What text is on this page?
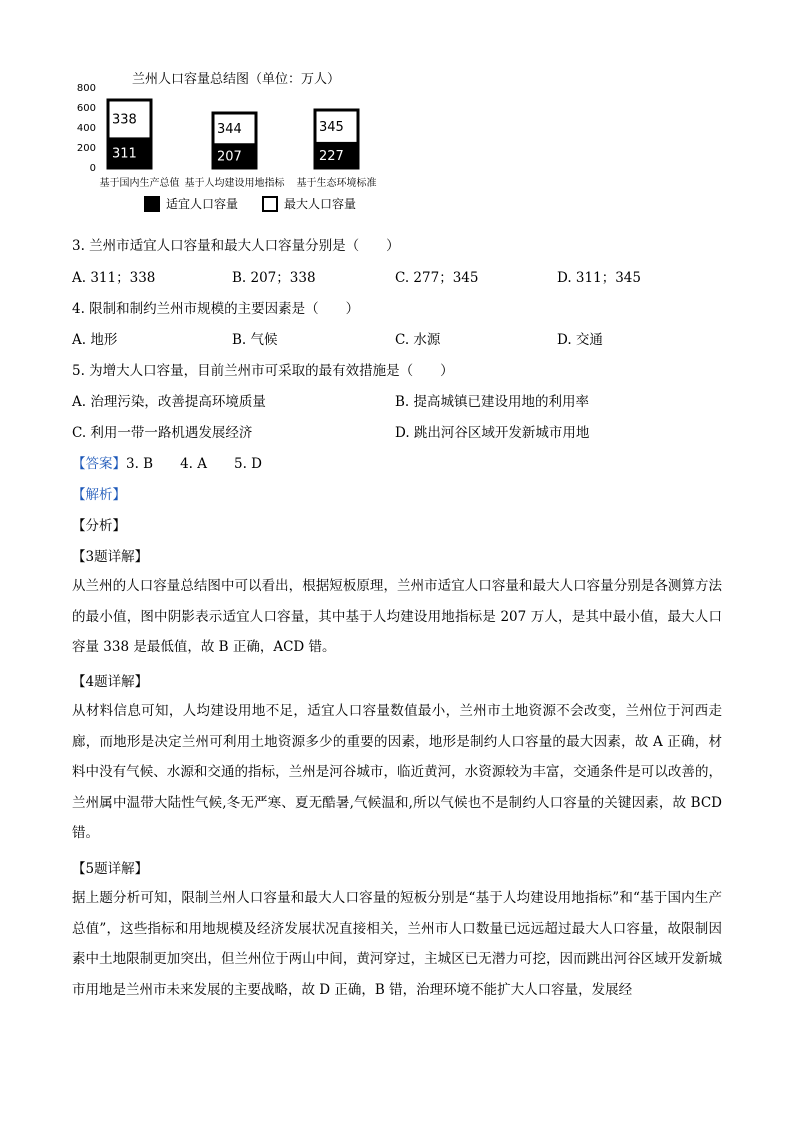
兰州人口容量总结图（单位：万人）
800
600
400
200
0
338
311
基于国内生产总值
344
207
基于人均建设用地指标
345
227
基于生态环境标准
适宜人口容量	最大人口容量
3. 兰州市适宜人口容量和最大人口容量分别是（　　）
A. 311；338	B. 207；338	C. 277；345	D. 311；345
4. 限制和制约兰州市规模的主要因素是（　　）
A. 地形	B. 气候	C. 水源	D. 交通
5. 为增大人口容量，目前兰州市可采取的最有效措施是（　　）
A. 治理污染，改善提高环境质量	B. 提高城镇已建设用地的利用率
C. 利用一带一路机遇发展经济	D. 跳出河谷区域开发新城市用地
【答案】3. B　　4. A　　5. D
【解析】
【分析】
【3题详解】
从兰州的人口容量总结图中可以看出，根据短板原理，兰州市适宜人口容量和最大人口容量分别是各测算方法的最小值，图中阴影表示适宜人口容量，其中基于人均建设用地指标是 207 万人，是其中最小值，最大人口容量 338 是最低值，故 B 正确，ACD 错。
【4题详解】
从材料信息可知，人均建设用地不足，适宜人口容量数值最小，兰州市土地资源不会改变，兰州位于河西走廊，而地形是决定兰州可利用土地资源多少的重要的因素，地形是制约人口容量的最大因素，故 A 正确，材料中没有气候、水源和交通的指标，兰州是河谷城市，临近黄河，水资源较为丰富，交通条件是可以改善的，兰州属中温带大陆性气候,冬无严寒、夏无酷暑,气候温和,所以气候也不是制约人口容量的关键因素，故 BCD 错。
【5题详解】
据上题分析可知，限制兰州人口容量和最大人口容量的短板分别是“基于人均建设用地指标”和“基于国内生产总值”，这些指标和用地规模及经济发展状况直接相关，兰州市人口数量已远远超过最大人口容量，故限制因素中土地限制更加突出，但兰州位于两山中间，黄河穿过，主城区已无潜力可挖，因而跳出河谷区域开发新城市用地是兰州市未来发展的主要战略，故 D 正确，B 错，治理环境不能扩大人口容量，发展经
